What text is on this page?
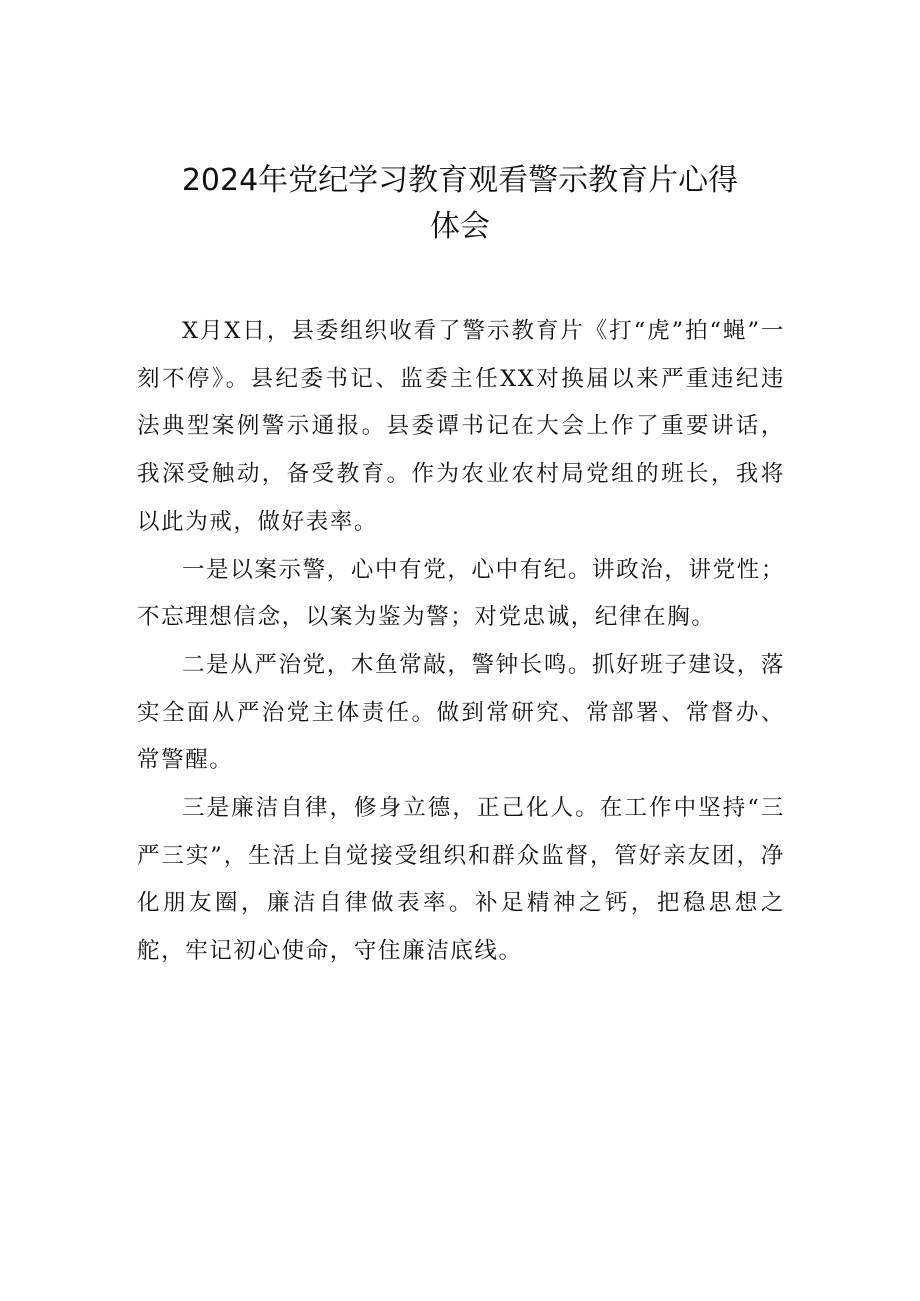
2024年党纪学习教育观看警示教育片心得
体会

X月X日，县委组织收看了警示教育片《打“虎”拍“蝇”一刻不停》。县纪委书记、监委主任XX对换届以来严重违纪违法典型案例警示通报。县委谭书记在大会上作了重要讲话，我深受触动，备受教育。作为农业农村局党组的班长，我将以此为戒，做好表率。

一是以案示警，心中有党，心中有纪。讲政治，讲党性；不忘理想信念，以案为鉴为警；对党忠诚，纪律在胸。

二是从严治党，木鱼常敲，警钟长鸣。抓好班子建设，落实全面从严治党主体责任。做到常研究、常部署、常督办、常警醒。

三是廉洁自律，修身立德，正己化人。在工作中坚持“三严三实”，生活上自觉接受组织和群众监督，管好亲友团，净化朋友圈，廉洁自律做表率。补足精神之钙，把稳思想之舵，牢记初心使命，守住廉洁底线。
